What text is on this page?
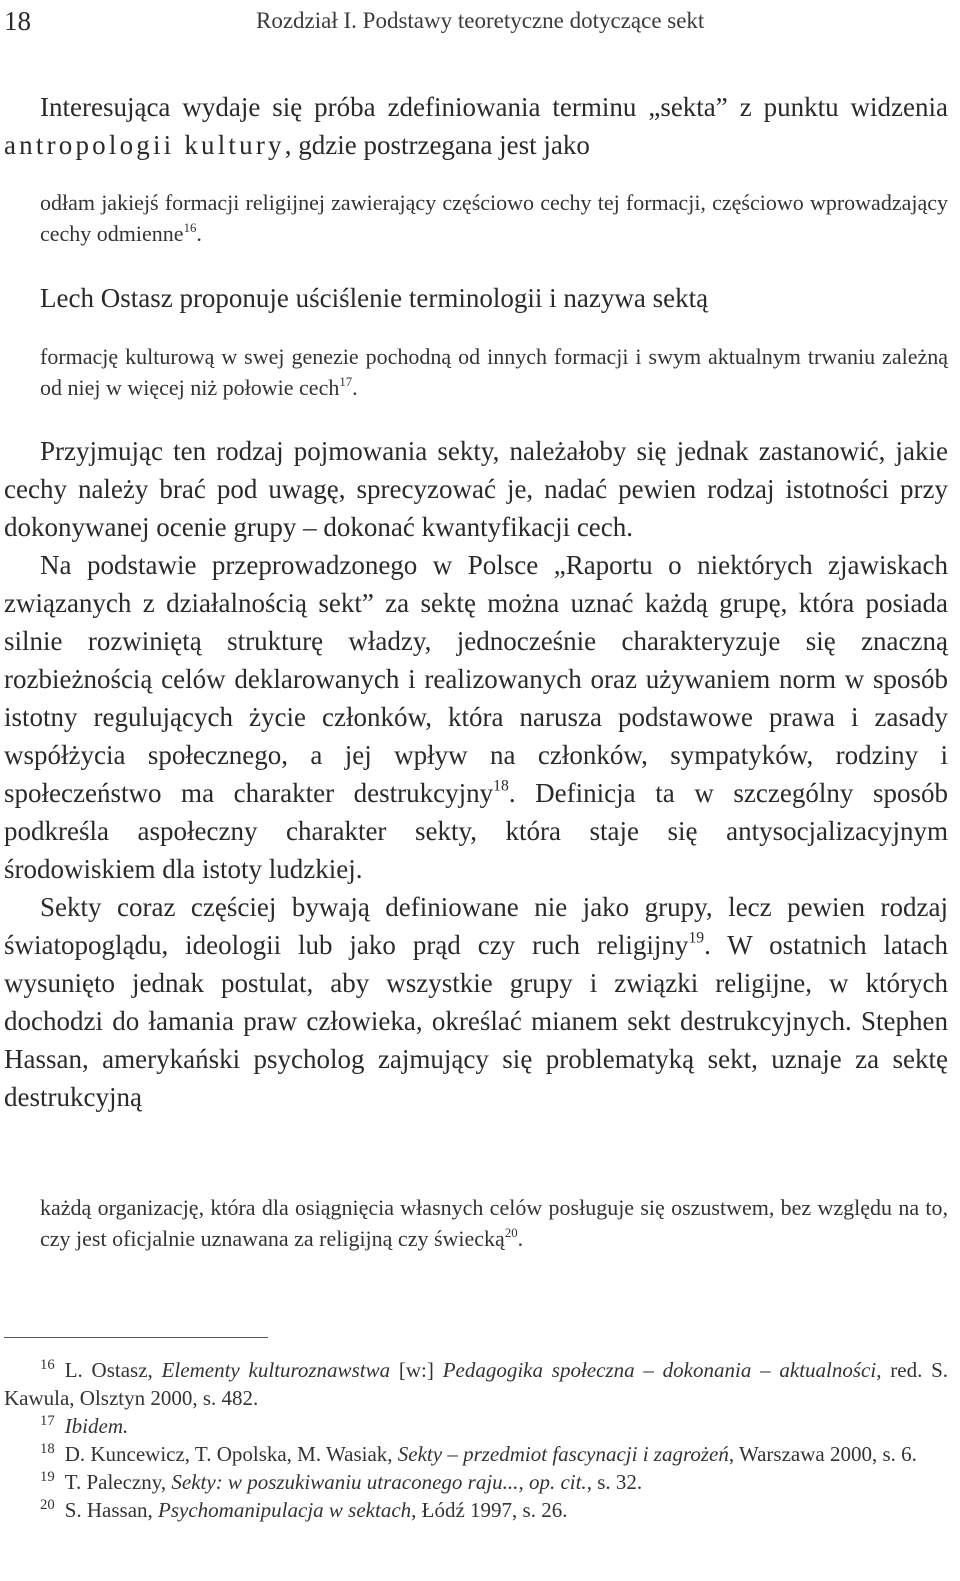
18	Rozdział I. Podstawy teoretyczne dotyczące sekt

Interesująca wydaje się próba zdefiniowania terminu „sekta” z punktu widzenia antropologii kultury, gdzie postrzegana jest jako

odłam jakiejś formacji religijnej zawierający częściowo cechy tej formacji, częściowo wprowadzający cechy odmienne$^{16}$.

Lech Ostasz proponuje uściślenie terminologii i nazywa sektą

formację kulturową w swej genezie pochodną od innych formacji i swym aktualnym trwaniu zależną od niej w więcej niż połowie cech$^{17}$.

Przyjmując ten rodzaj pojmowania sekty, należałoby się jednak zastanowić, jakie cechy należy brać pod uwagę, sprecyzować je, nadać pewien rodzaj istotności przy dokonywanej ocenie grupy – dokonać kwantyfikacji cech.

Na podstawie przeprowadzonego w Polsce „Raportu o niektórych zjawiskach związanych z działalnością sekt” za sektę można uznać każdą grupę, która posiada silnie rozwiniętą strukturę władzy, jednocześnie charakteryzuje się znaczną rozbieżnością celów deklarowanych i realizowanych oraz używaniem norm w sposób istotny regulujących życie członków, która narusza podstawowe prawa i zasady współżycia społecznego, a jej wpływ na członków, sympatyków, rodziny i społeczeństwo ma charakter destrukcyjny$^{18}$. Definicja ta w szczególny sposób podkreśla aspołeczny charakter sekty, która staje się antysocjalizacyjnym środowiskiem dla istoty ludzkiej.

Sekty coraz częściej bywają definiowane nie jako grupy, lecz pewien rodzaj światopoglądu, ideologii lub jako prąd czy ruch religijny$^{19}$. W ostatnich latach wysunięto jednak postulat, aby wszystkie grupy i związki religijne, w których dochodzi do łamania praw człowieka, określać mianem sekt destrukcyjnych. Stephen Hassan, amerykański psycholog zajmujący się problematyką sekt, uznaje za sektę destrukcyjną

każdą organizację, która dla osiągnięcia własnych celów posługuje się oszustwem, bez względu na to, czy jest oficjalnie uznawana za religijną czy świecką$^{20}$.

$^{16}$ L. Ostasz, Elementy kulturoznawstwa [w:] Pedagogika społeczna – dokonania – aktualności, red. S. Kawula, Olsztyn 2000, s. 482.

$^{17}$ Ibidem.

$^{18}$ D. Kuncewicz, T. Opolska, M. Wasiak, Sekty – przedmiot fascynacji i zagrożeń, Warszawa 2000, s. 6.

$^{19}$ T. Paleczny, Sekty: w poszukiwaniu utraconego raju..., op. cit., s. 32.

$^{20}$ S. Hassan, Psychomanipulacja w sektach, Łódź 1997, s. 26.
